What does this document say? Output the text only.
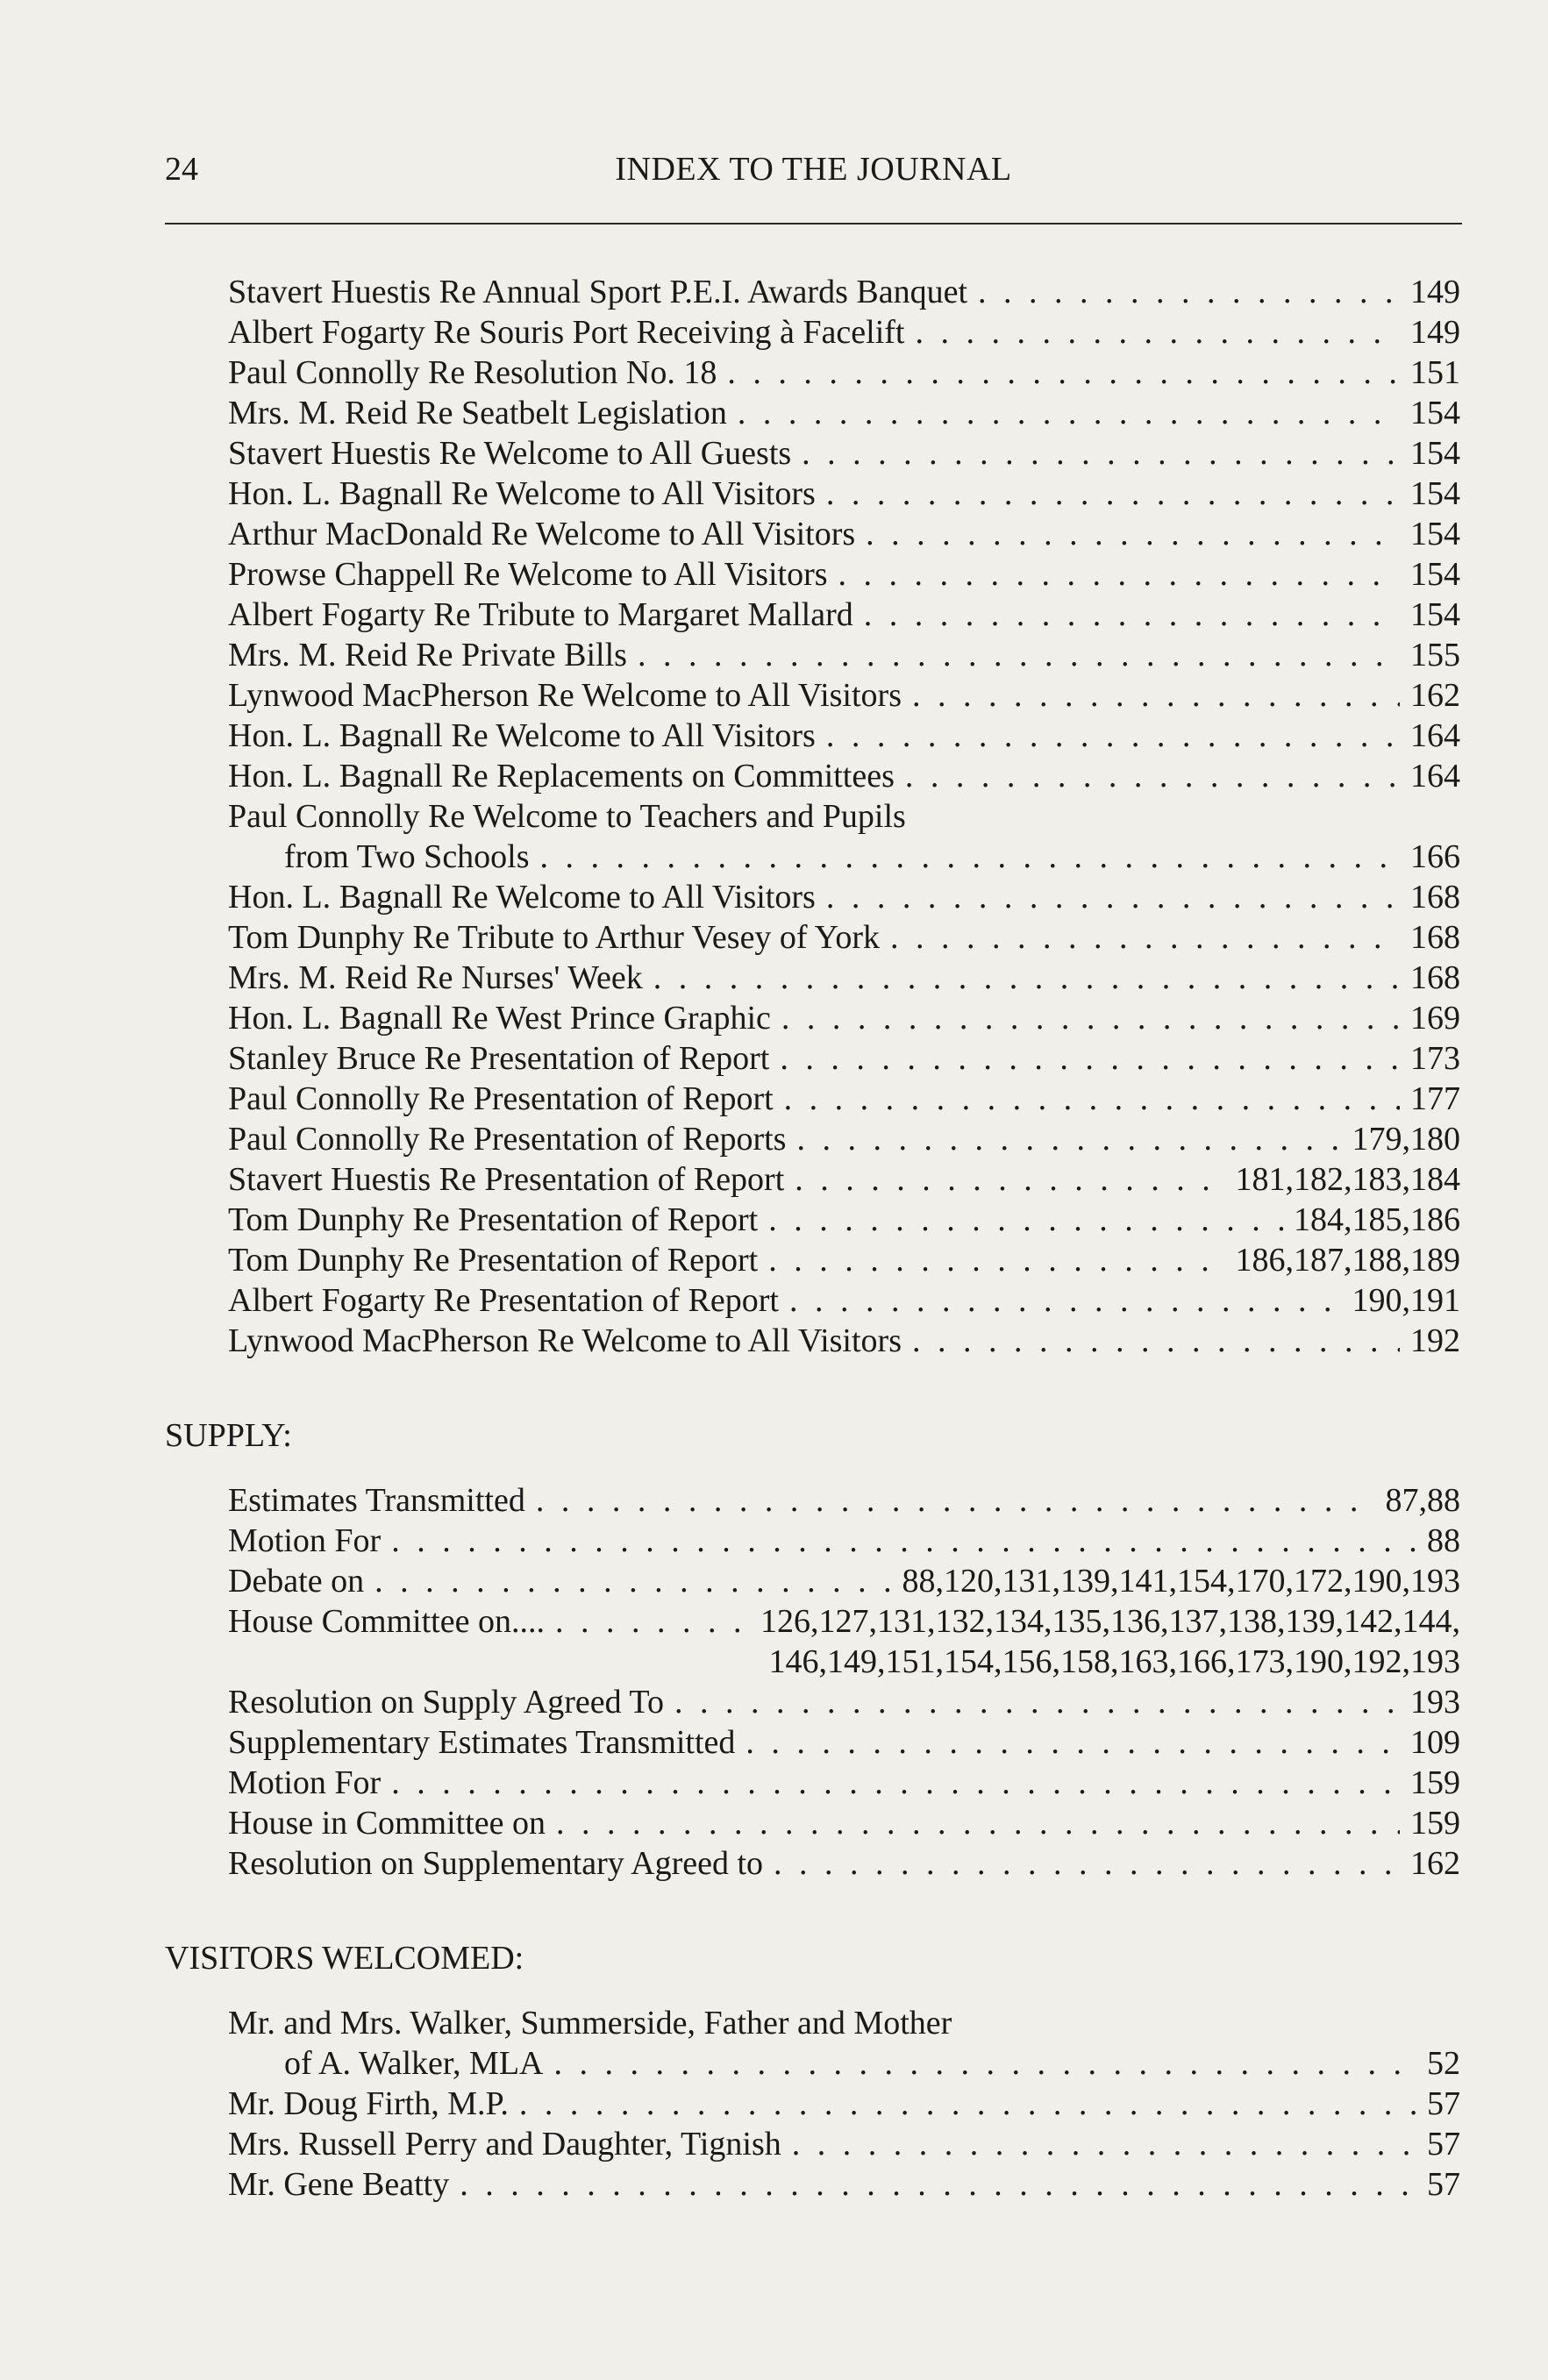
24	INDEX TO THE JOURNAL
Stavert Huestis Re Annual Sport P.E.I. Awards Banquet . . .	149
Albert Fogarty Re Souris Port Receiving à Facelift . . .	149
Paul Connolly Re Resolution No. 18 . . .	151
Mrs. M. Reid Re Seatbelt Legislation . . .	154
Stavert Huestis Re Welcome to All Guests . . .	154
Hon. L. Bagnall Re Welcome to All Visitors . . .	154
Arthur MacDonald Re Welcome to All Visitors . . .	154
Prowse Chappell Re Welcome to All Visitors . . .	154
Albert Fogarty Re Tribute to Margaret Mallard . . .	154
Mrs. M. Reid Re Private Bills . . .	155
Lynwood MacPherson Re Welcome to All Visitors . . .	162
Hon. L. Bagnall Re Welcome to All Visitors . . .	164
Hon. L. Bagnall Re Replacements on Committees . . .	164
Paul Connolly Re Welcome to Teachers and Pupils
from Two Schools . . .	166
Hon. L. Bagnall Re Welcome to All Visitors . . .	168
Tom Dunphy Re Tribute to Arthur Vesey of York . . .	168
Mrs. M. Reid Re Nurses' Week . . .	168
Hon. L. Bagnall Re West Prince Graphic . . .	169
Stanley Bruce Re Presentation of Report . . .	173
Paul Connolly Re Presentation of Report . . .	177
Paul Connolly Re Presentation of Reports . . .	179,180
Stavert Huestis Re Presentation of Report . . .	181,182,183,184
Tom Dunphy Re Presentation of Report . . .	184,185,186
Tom Dunphy Re Presentation of Report . . .	186,187,188,189
Albert Fogarty Re Presentation of Report . . .	190,191
Lynwood MacPherson Re Welcome to All Visitors . . .	192
SUPPLY:
Estimates Transmitted . . .	87,88
Motion For . . .	88
Debate on . . .	88,120,131,139,141,154,170,172,190,193
House Committee on.... . . .	126,127,131,132,134,135,136,137,138,139,142,144,
146,149,151,154,156,158,163,166,173,190,192,193
Resolution on Supply Agreed To . . .	193
Supplementary Estimates Transmitted . . .	109
Motion For . . .	159
House in Committee on . . .	159
Resolution on Supplementary Agreed to . . .	162
VISITORS WELCOMED:
Mr. and Mrs. Walker, Summerside, Father and Mother
of A. Walker, MLA . . .	52
Mr. Doug Firth, M.P. . . .	57
Mrs. Russell Perry and Daughter, Tignish . . .	57
Mr. Gene Beatty . . .	57
